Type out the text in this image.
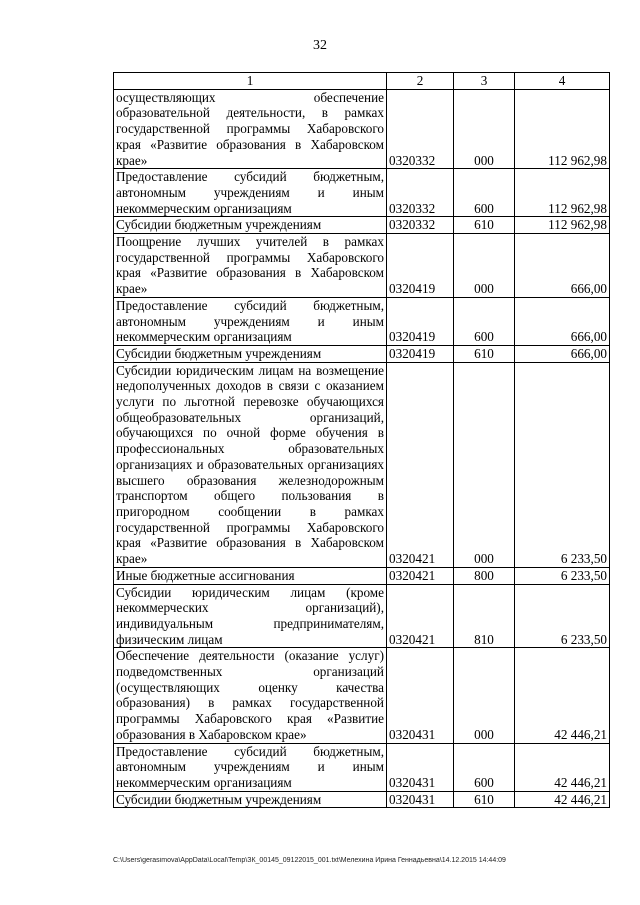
32
1	2	3	4
осуществляющих обеспечение образовательной деятельности, в рамках государственной программы Хабаровского края «Развитие образования в Хабаровском крае»	0320332	000	112 962,98
Предоставление субсидий бюджетным, автономным учреждениям и иным некоммерческим организациям	0320332	600	112 962,98
Субсидии бюджетным учреждениям	0320332	610	112 962,98
Поощрение лучших учителей в рамках государственной программы Хабаровского края «Развитие образования в Хабаровском крае»	0320419	000	666,00
Предоставление субсидий бюджетным, автономным учреждениям и иным некоммерческим организациям	0320419	600	666,00
Субсидии бюджетным учреждениям	0320419	610	666,00
Субсидии юридическим лицам на возмещение недополученных доходов в связи с оказанием услуги по льготной перевозке обучающихся общеобразовательных организаций, обучающихся по очной форме обучения в профессиональных образовательных организациях и образовательных организациях высшего образования железнодорожным транспортом общего пользования в пригородном сообщении в рамках государственной программы Хабаровского края «Развитие образования в Хабаровском крае»	0320421	000	6 233,50
Иные бюджетные ассигнования	0320421	800	6 233,50
Субсидии юридическим лицам (кроме некоммерческих организаций), индивидуальным предпринимателям, физическим лицам	0320421	810	6 233,50
Обеспечение деятельности (оказание услуг) подведомственных организаций (осуществляющих оценку качества образования) в рамках государственной программы Хабаровского края «Развитие образования в Хабаровском крае»	0320431	000	42 446,21
Предоставление субсидий бюджетным, автономным учреждениям и иным некоммерческим организациям	0320431	600	42 446,21
Субсидии бюджетным учреждениям	0320431	610	42 446,21
C:\Users\gerasimova\AppData\Local\Temp\ЗК_00145_09122015_001.txt\Мелехина Ирина Геннадьевна\14.12.2015 14:44:09
